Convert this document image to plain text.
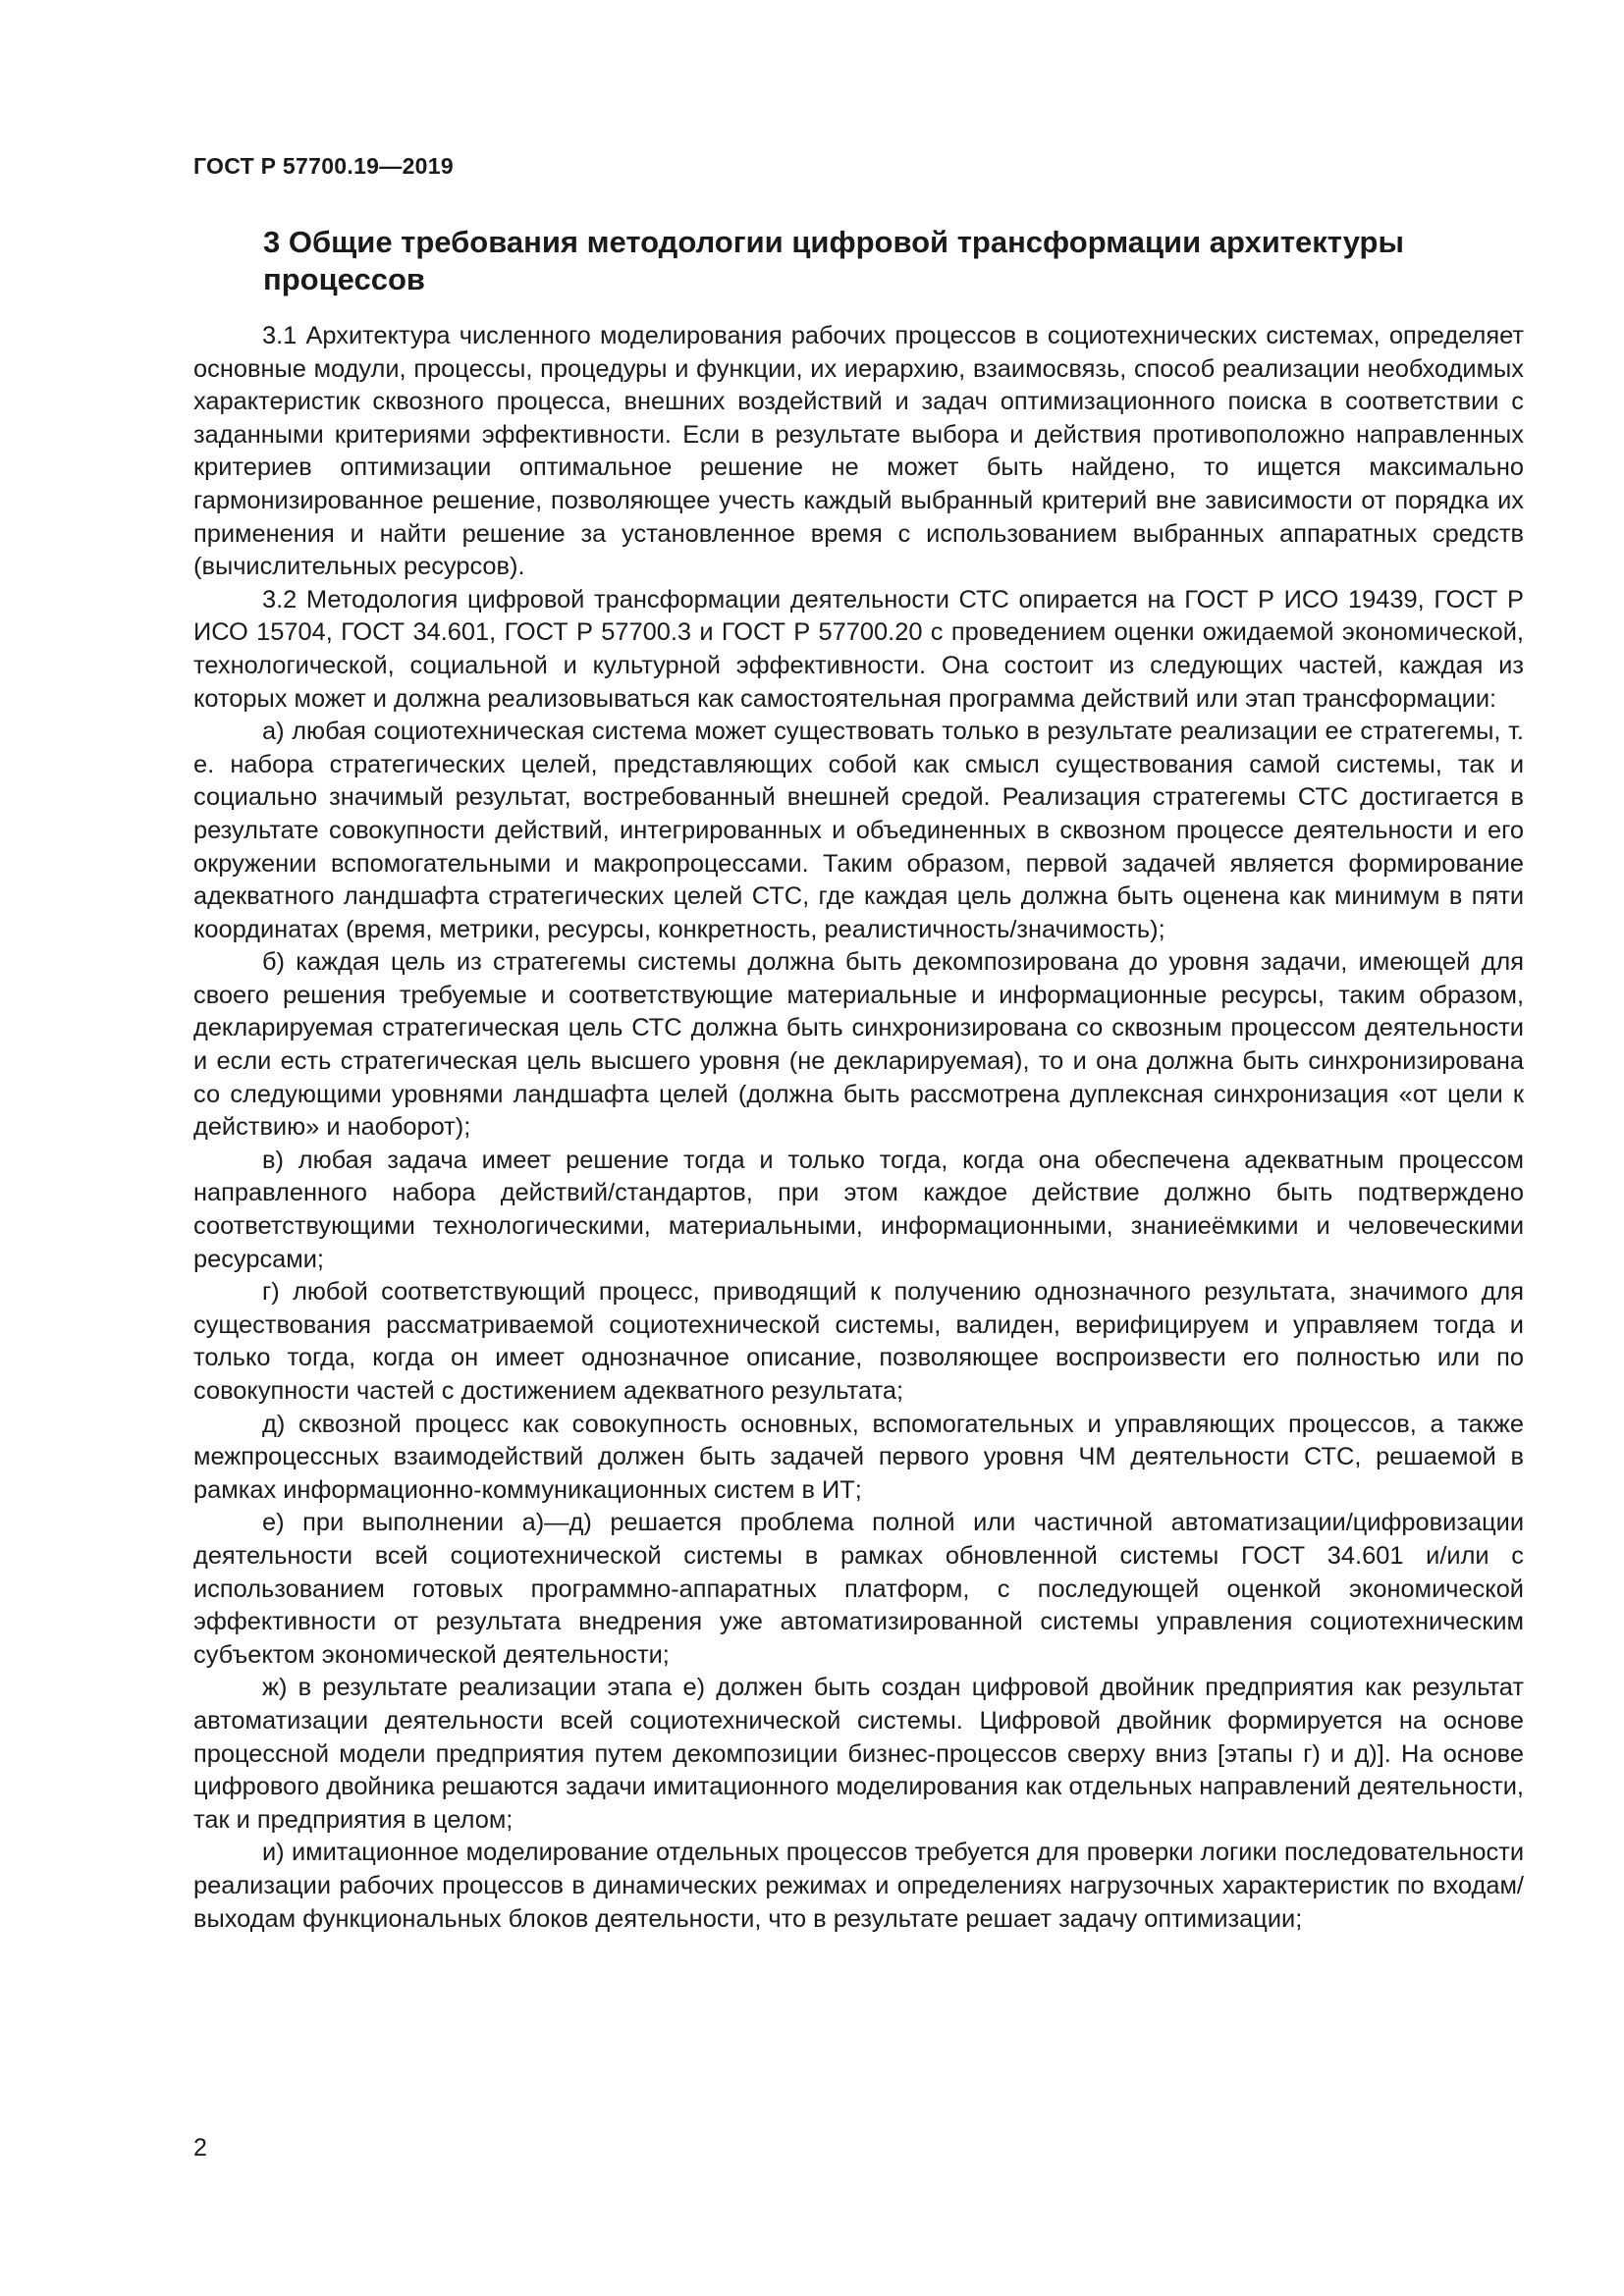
ГОСТ Р 57700.19—2019
3 Общие требования методологии цифровой трансформации архитектуры процессов

3.1 Архитектура численного моделирования рабочих процессов в социотехнических системах, определяет основные модули, процессы, процедуры и функции, их иерархию, взаимосвязь, способ реализации необходимых характеристик сквозного процесса, внешних воздействий и задач оптимизационного поиска в соответствии с заданными критериями эффективности. Если в результате выбора и действия противоположно направленных критериев оптимизации оптимальное решение не может быть найдено, то ищется максимально гармонизированное решение, позволяющее учесть каждый выбранный критерий вне зависимости от порядка их применения и найти решение за установленное время с использованием выбранных аппаратных средств (вычислительных ресурсов).

3.2 Методология цифровой трансформации деятельности СТС опирается на ГОСТ Р ИСО 19439, ГОСТ Р ИСО 15704, ГОСТ 34.601, ГОСТ Р 57700.3 и ГОСТ Р 57700.20 с проведением оценки ожидаемой экономической, технологической, социальной и культурной эффективности. Она состоит из следующих частей, каждая из которых может и должна реализовываться как самостоятельная программа действий или этап трансформации:

а) любая социотехническая система может существовать только в результате реализации ее стратегемы, т. е. набора стратегических целей, представляющих собой как смысл существования самой системы, так и социально значимый результат, востребованный внешней средой. Реализация стратегемы СТС достигается в результате совокупности действий, интегрированных и объединенных в сквозном процессе деятельности и его окружении вспомогательными и макропроцессами. Таким образом, первой задачей является формирование адекватного ландшафта стратегических целей СТС, где каждая цель должна быть оценена как минимум в пяти координатах (время, метрики, ресурсы, конкретность, реалистичность/значимость);

б) каждая цель из стратегемы системы должна быть декомпозирована до уровня задачи, имеющей для своего решения требуемые и соответствующие материальные и информационные ресурсы, таким образом, декларируемая стратегическая цель СТС должна быть синхронизирована со сквозным процессом деятельности и если есть стратегическая цель высшего уровня (не декларируемая), то и она должна быть синхронизирована со следующими уровнями ландшафта целей (должна быть рассмотрена дуплексная синхронизация «от цели к действию» и наоборот);

в) любая задача имеет решение тогда и только тогда, когда она обеспечена адекватным процессом направленного набора действий/стандартов, при этом каждое действие должно быть подтверждено соответствующими технологическими, материальными, информационными, знаниеёмкими и человеческими ресурсами;

г) любой соответствующий процесс, приводящий к получению однозначного результата, значимого для существования рассматриваемой социотехнической системы, валиден, верифицируем и управляем тогда и только тогда, когда он имеет однозначное описание, позволяющее воспроизвести его полностью или по совокупности частей с достижением адекватного результата;

д) сквозной процесс как совокупность основных, вспомогательных и управляющих процессов, а также межпроцессных взаимодействий должен быть задачей первого уровня ЧМ деятельности СТС, решаемой в рамках информационно-коммуникационных систем в ИТ;

е) при выполнении а)—д) решается проблема полной или частичной автоматизации/цифровизации деятельности всей социотехнической системы в рамках обновленной системы ГОСТ 34.601 и/или с использованием готовых программно-аппаратных платформ, с последующей оценкой экономической эффективности от результата внедрения уже автоматизированной системы управления социотехническим субъектом экономической деятельности;

ж) в результате реализации этапа е) должен быть создан цифровой двойник предприятия как результат автоматизации деятельности всей социотехнической системы. Цифровой двойник формируется на основе процессной модели предприятия путем декомпозиции бизнес-процессов сверху вниз [этапы г) и д)]. На основе цифрового двойника решаются задачи имитационного моделирования как отдельных направлений деятельности, так и предприятия в целом;

и) имитационное моделирование отдельных процессов требуется для проверки логики последовательности реализации рабочих процессов в динамических режимах и определениях нагрузочных характеристик по входам/выходам функциональных блоков деятельности, что в результате решает задачу оптимизации;

2
